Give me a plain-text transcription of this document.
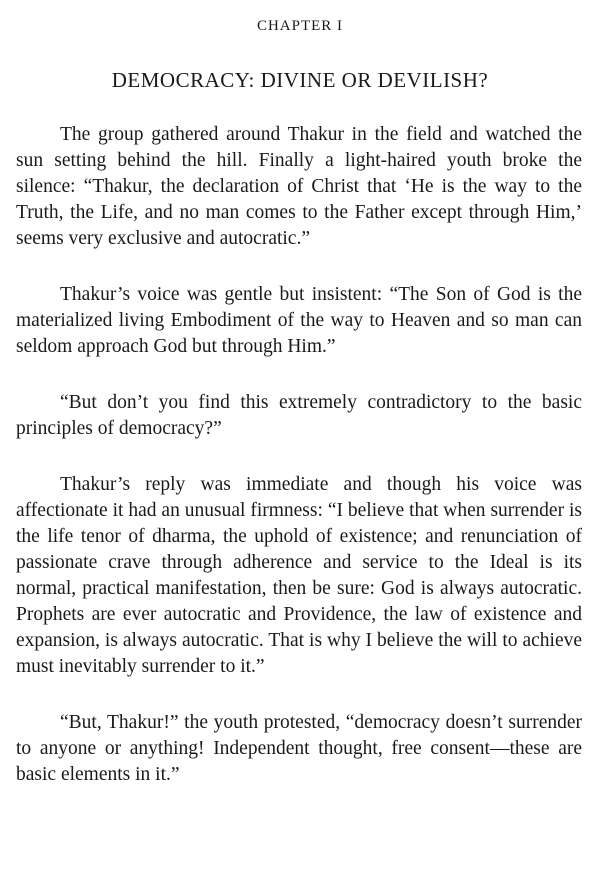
CHAPTER I
DEMOCRACY: DIVINE OR DEVILISH?

The group gathered around Thakur in the field and watched the sun setting behind the hill. Finally a light-haired youth broke the silence: “Thakur, the declaration of Christ that ‘He is the way to the Truth, the Life, and no man comes to the Father except through Him,’ seems very exclusive and autocratic.”

Thakur’s voice was gentle but insistent: “The Son of God is the materialized living Embodiment of the way to Heaven and so man can seldom approach God but through Him.”

“But don’t you find this extremely contradictory to the basic principles of democracy?”

Thakur’s reply was immediate and though his voice was affectionate it had an unusual firmness: “I believe that when surrender is the life tenor of dharma, the uphold of existence; and renunciation of passionate crave through adherence and service to the Ideal is its normal, practical manifestation, then be sure: God is always autocratic. Prophets are ever autocratic and Providence, the law of existence and expansion, is always autocratic. That is why I believe the will to achieve must inevitably surrender to it.”

“But, Thakur!” the youth protested, “democracy doesn’t surrender to anyone or anything! Independent thought, free consent—these are basic elements in it.”
